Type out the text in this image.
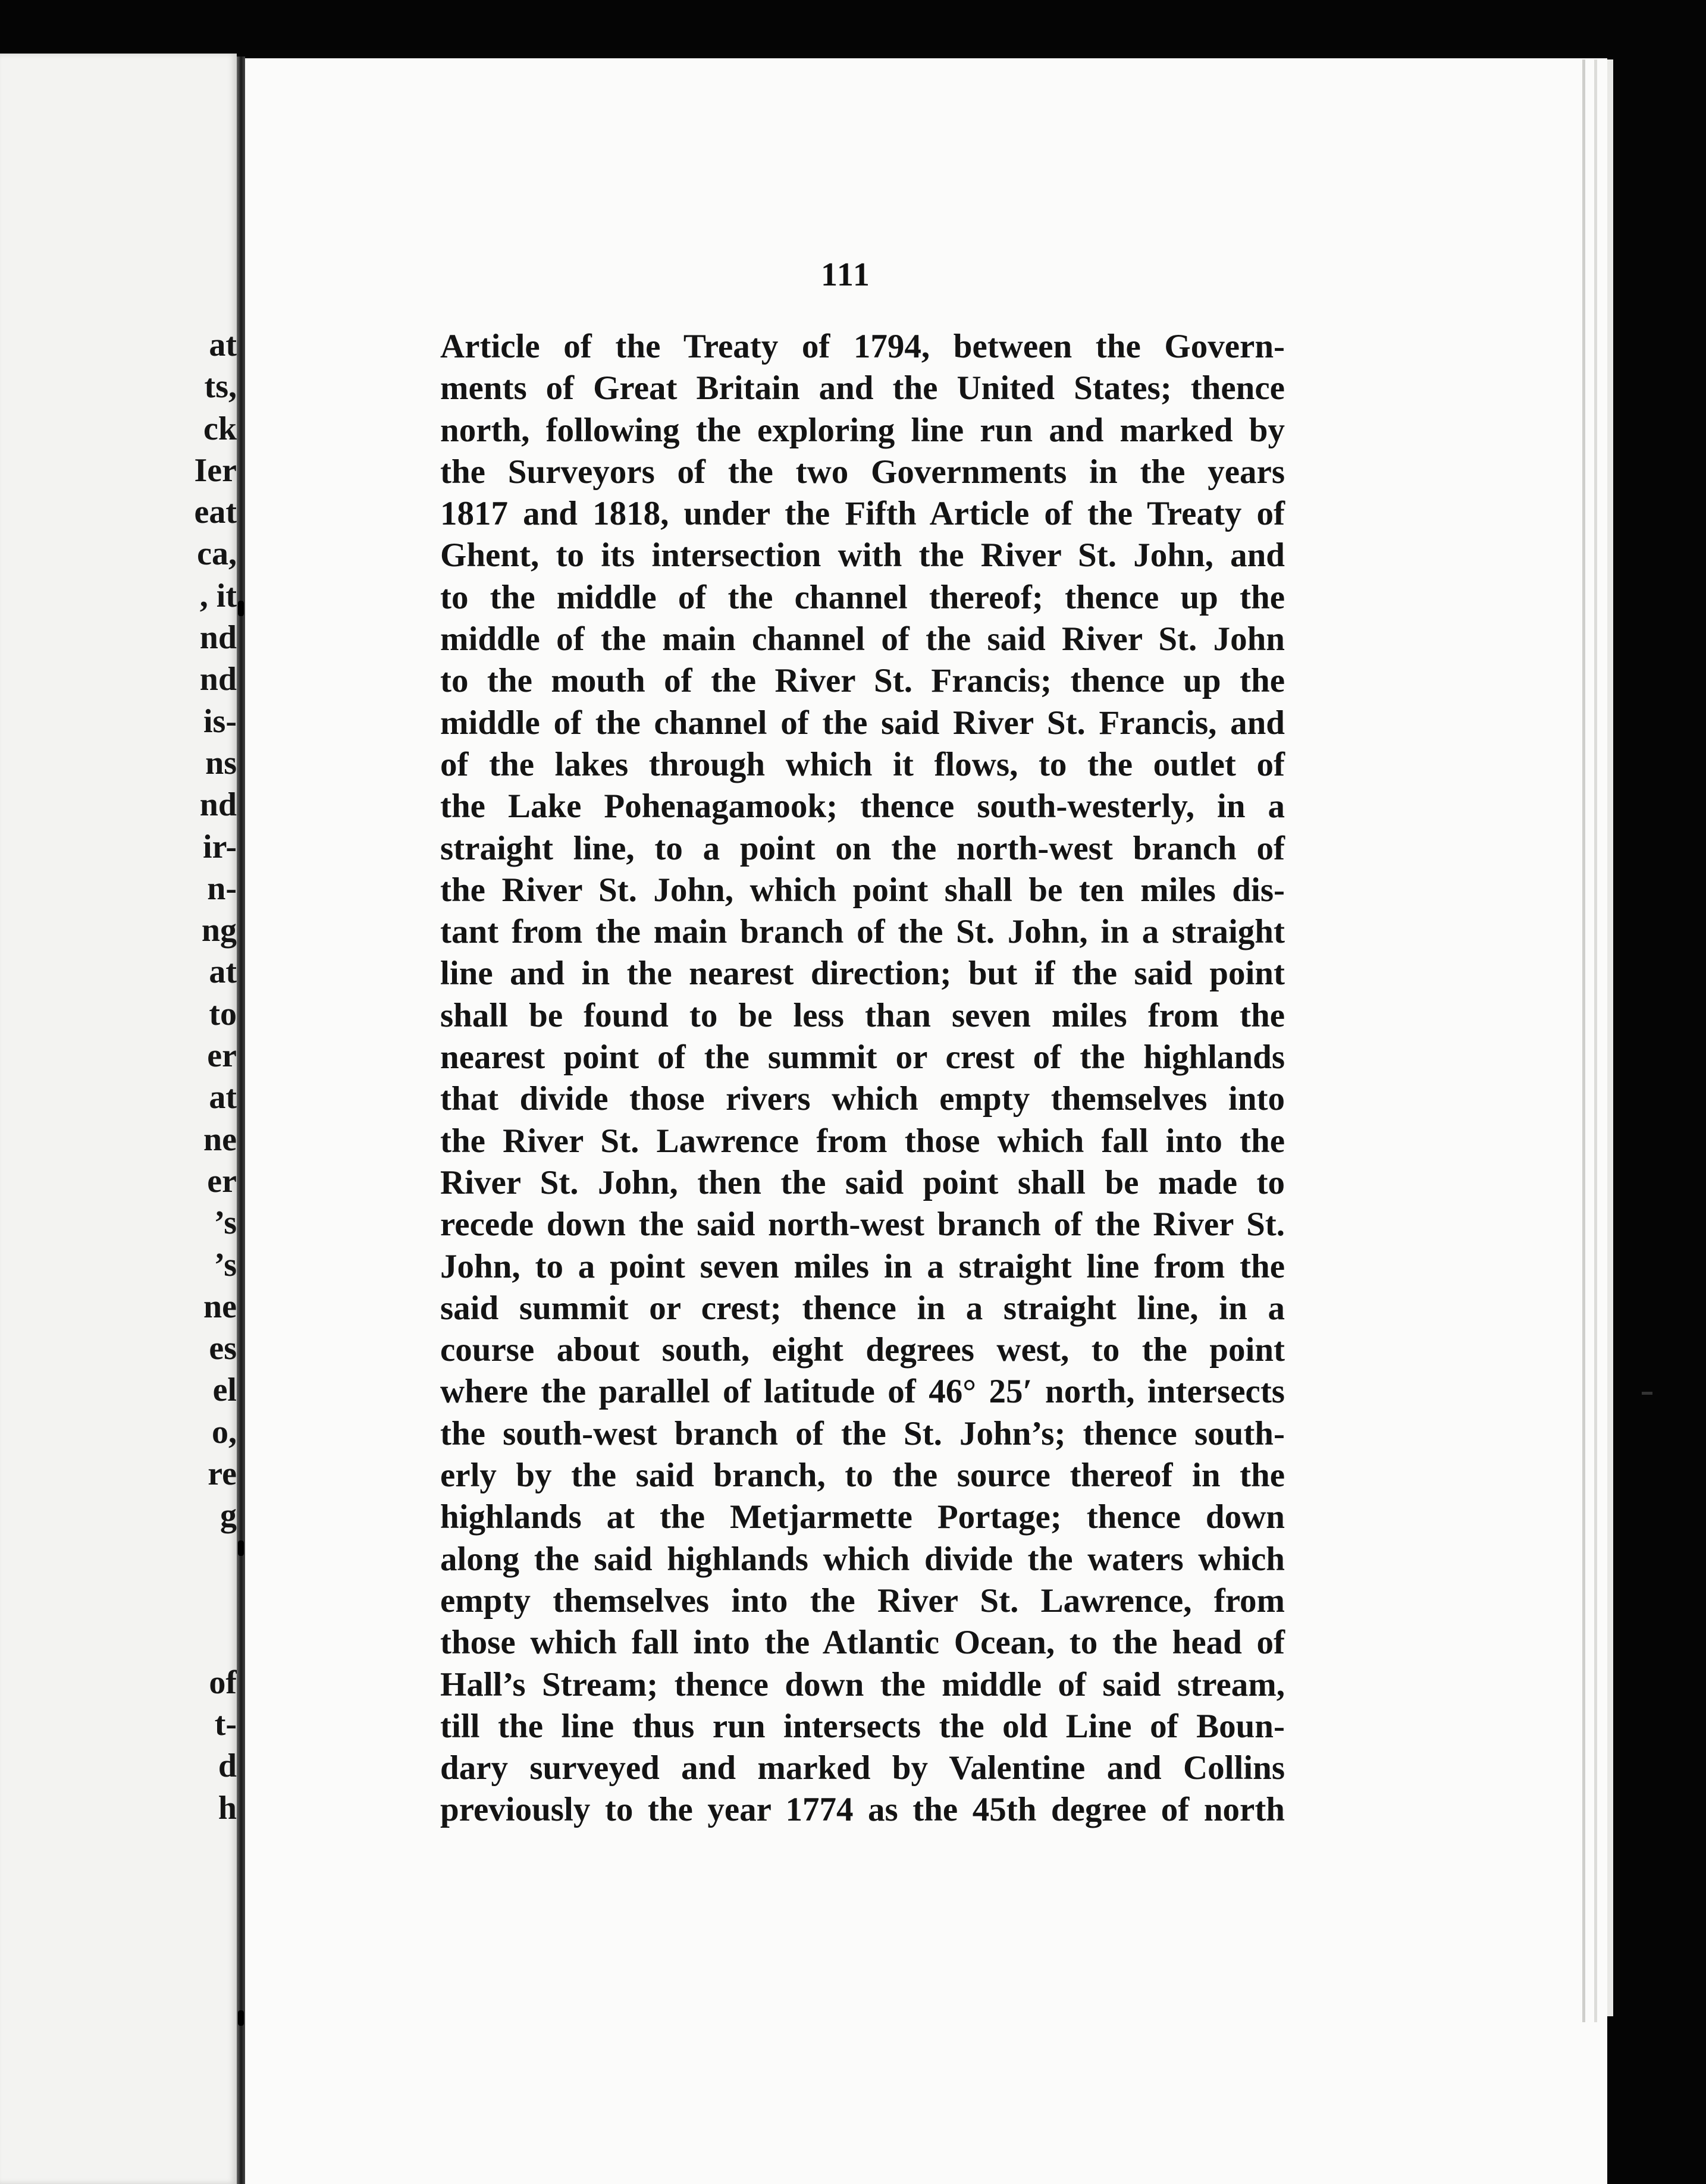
at
ts,
ck
Ier
eat
ca,
, it
nd
nd
is-
ns
nd
ir-
n-
ng
at
to
er
at
ne
er
’s
’s
ne
es
el
o,
re
g
of
t-
d
h
111
Article of the Treaty of 1794, between the Govern-
ments of Great Britain and the United States; thence
north, following the exploring line run and marked by
the Surveyors of the two Governments in the years
1817 and 1818, under the Fifth Article of the Treaty of
Ghent, to its intersection with the River St. John, and
to the middle of the channel thereof; thence up the
middle of the main channel of the said River St. John
to the mouth of the River St. Francis; thence up the
middle of the channel of the said River St. Francis, and
of the lakes through which it flows, to the outlet of
the Lake Pohenagamook; thence south-westerly, in a
straight line, to a point on the north-west branch of
the River St. John, which point shall be ten miles dis-
tant from the main branch of the St. John, in a straight
line and in the nearest direction; but if the said point
shall be found to be less than seven miles from the
nearest point of the summit or crest of the highlands
that divide those rivers which empty themselves into
the River St. Lawrence from those which fall into the
River St. John, then the said point shall be made to
recede down the said north-west branch of the River St.
John, to a point seven miles in a straight line from the
said summit or crest; thence in a straight line, in a
course about south, eight degrees west, to the point
where the parallel of latitude of 46° 25′ north, intersects
the south-west branch of the St. John’s; thence south-
erly by the said branch, to the source thereof in the
highlands at the Metjarmette Portage; thence down
along the said highlands which divide the waters which
empty themselves into the River St. Lawrence, from
those which fall into the Atlantic Ocean, to the head of
Hall’s Stream; thence down the middle of said stream,
till the line thus run intersects the old Line of Boun-
dary surveyed and marked by Valentine and Collins
previously to the year 1774 as the 45th degree of north
